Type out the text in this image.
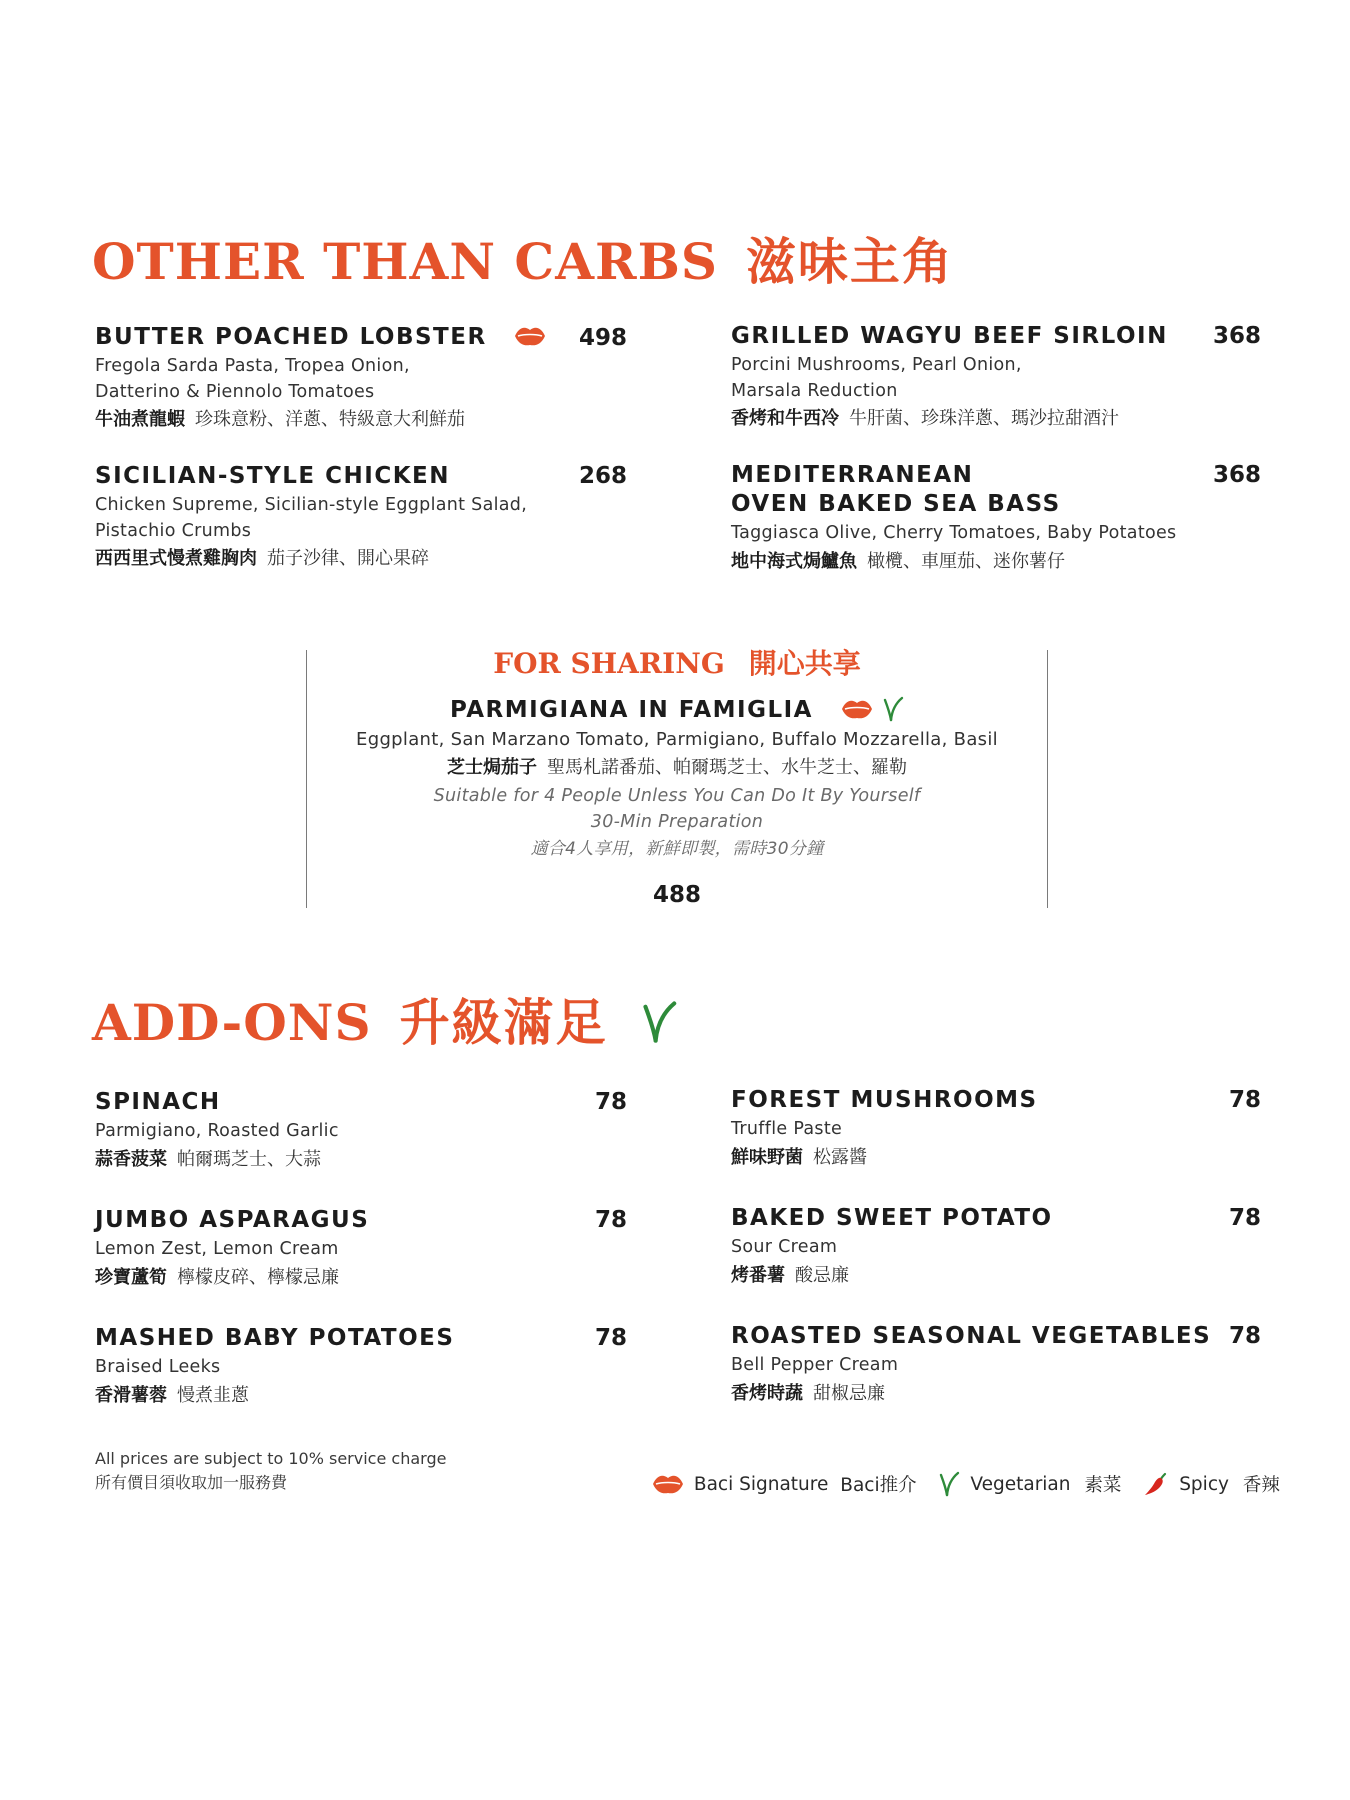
OTHER THAN CARBS 滋味主角
BUTTER POACHED LOBSTER
Fregola Sarda Pasta, Tropea Onion,
Datterino & Piennolo Tomatoes
牛油煮龍蝦 珍珠意粉、洋蔥、特級意大利鮮茄
498	GRILLED WAGYU BEEF SIRLOIN
Porcini Mushrooms, Pearl Onion,
Marsala Reduction
香烤和牛西冷 牛肝菌、珍珠洋蔥、瑪沙拉甜酒汁
368
SICILIAN-STYLE CHICKEN
Chicken Supreme, Sicilian-style Eggplant Salad,
Pistachio Crumbs
西西里式慢煮雞胸肉 茄子沙律、開心果碎
268	MEDITERRANEAN
OVEN BAKED SEA BASS
Taggiasca Olive, Cherry Tomatoes, Baby Potatoes
地中海式焗鱸魚 橄欖、車厘茄、迷你薯仔
368
FOR SHARING 開心共享
PARMIGIANA IN FAMIGLIA
Eggplant, San Marzano Tomato, Parmigiano, Buffalo Mozzarella, Basil
芝士焗茄子 聖馬札諾番茄、帕爾瑪芝士、水牛芝士、羅勒
Suitable for 4 People Unless You Can Do It By Yourself
30-Min Preparation
適合4人享用，新鮮即製，需時30分鐘
488
ADD-ONS 升級滿足
SPINACH
Parmigiano, Roasted Garlic
蒜香菠菜 帕爾瑪芝士、大蒜
78	FOREST MUSHROOMS
Truffle Paste
鮮味野菌 松露醬
78
JUMBO ASPARAGUS
Lemon Zest, Lemon Cream
珍寶蘆筍 檸檬皮碎、檸檬忌廉
78	BAKED SWEET POTATO
Sour Cream
烤番薯 酸忌廉
78
MASHED BABY POTATOES
Braised Leeks
香滑薯蓉 慢煮韭蔥
78	ROASTED SEASONAL VEGETABLES
Bell Pepper Cream
香烤時蔬 甜椒忌廉
78
All prices are subject to 10% service charge
所有價目須收取加一服務費	Baci Signature Baci推介	Vegetarian 素菜	Spicy 香辣
